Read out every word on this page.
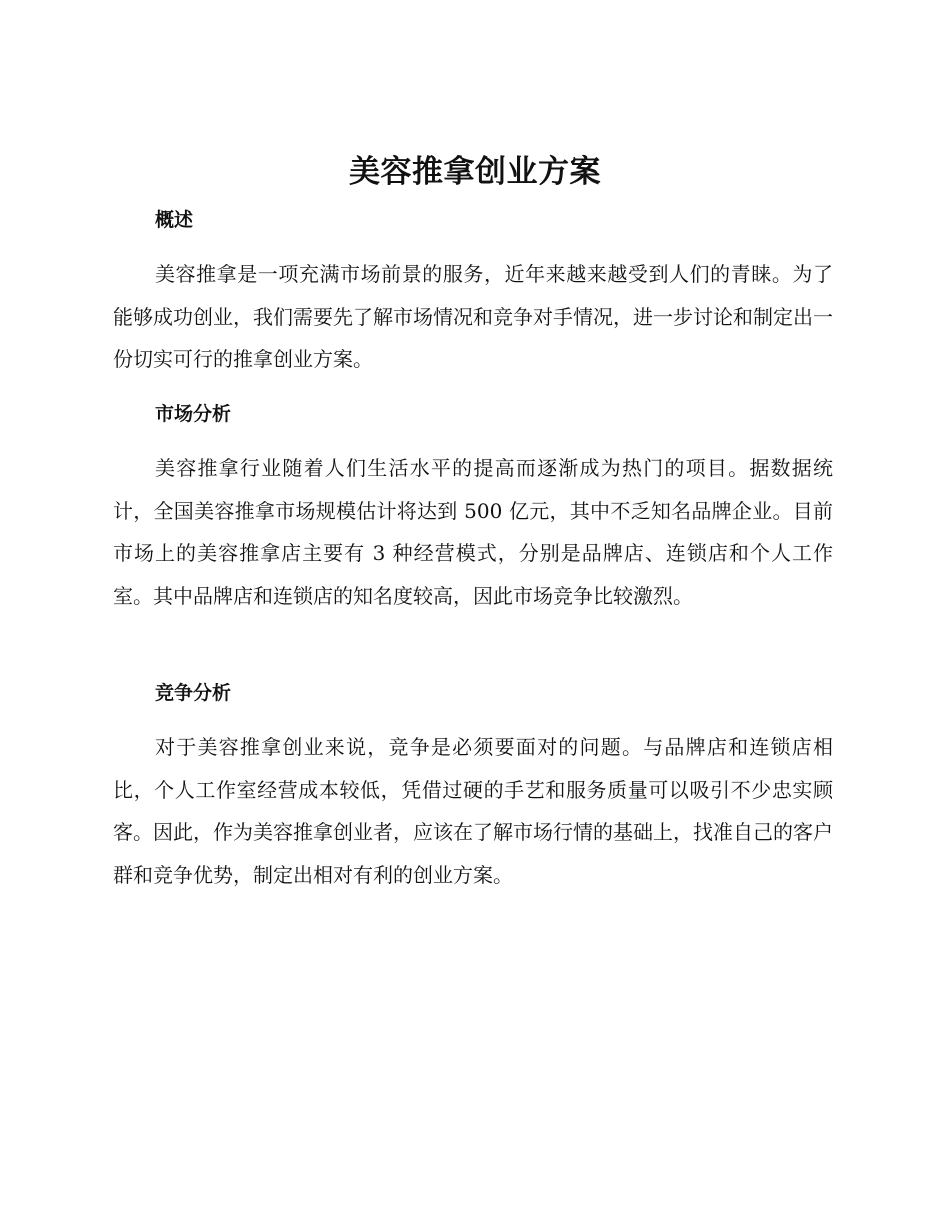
美容推拿创业方案
概述

美容推拿是一项充满市场前景的服务，近年来越来越受到人们的青睐。为了能够成功创业，我们需要先了解市场情况和竞争对手情况，进一步讨论和制定出一份切实可行的推拿创业方案。

市场分析

美容推拿行业随着人们生活水平的提高而逐渐成为热门的项目。据数据统计，全国美容推拿市场规模估计将达到 500 亿元，其中不乏知名品牌企业。目前市场上的美容推拿店主要有 3 种经营模式，分别是品牌店、连锁店和个人工作室。其中品牌店和连锁店的知名度较高，因此市场竞争比较激烈。

竞争分析

对于美容推拿创业来说，竞争是必须要面对的问题。与品牌店和连锁店相比，个人工作室经营成本较低，凭借过硬的手艺和服务质量可以吸引不少忠实顾客。因此，作为美容推拿创业者，应该在了解市场行情的基础上，找准自己的客户群和竞争优势，制定出相对有利的创业方案。
